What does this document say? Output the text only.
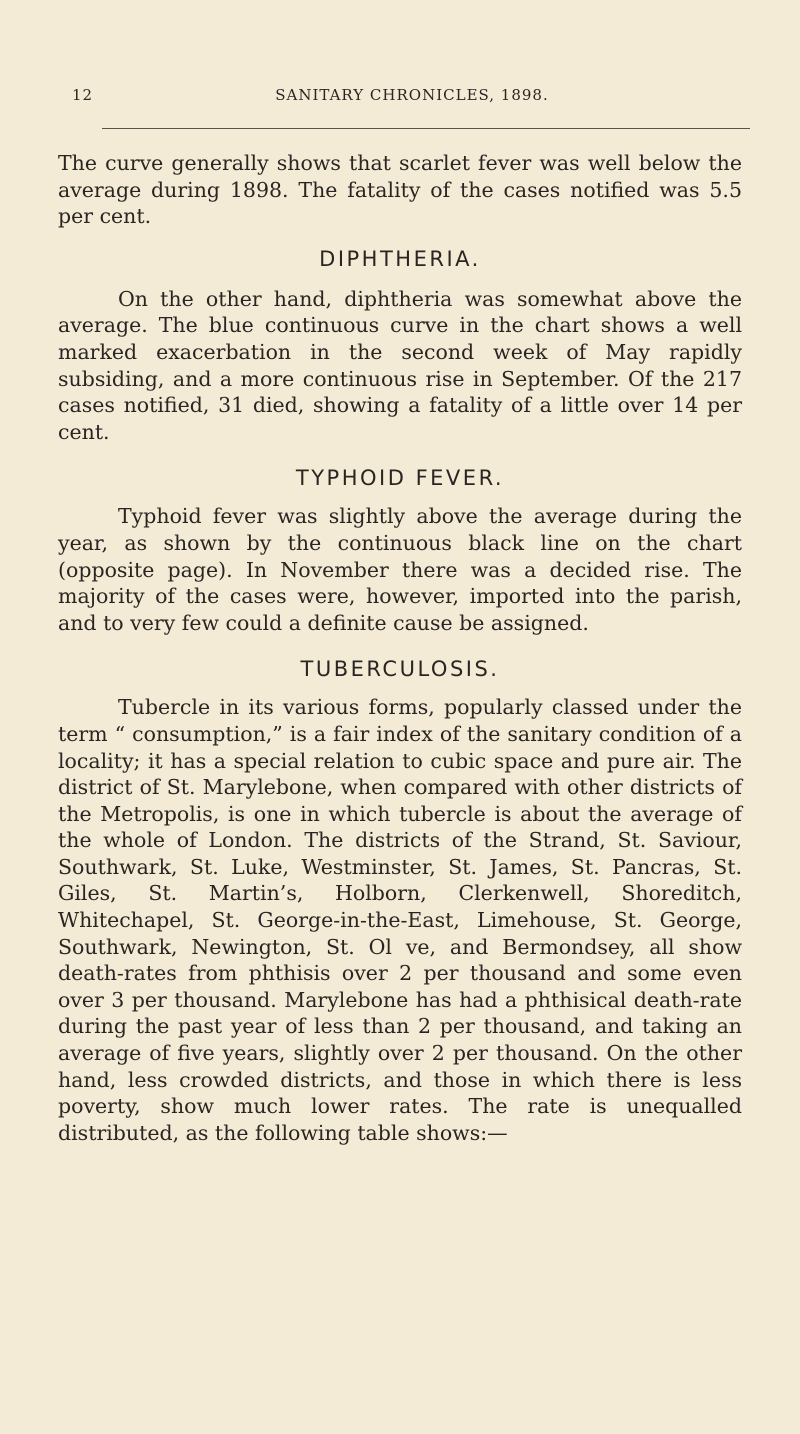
12	SANITARY CHRONICLES, 1898.

The curve generally shows that scarlet fever was well below the average during 1898. The fatality of the cases notified was 5.5 per cent.

DIPHTHERIA.

On the other hand, diphtheria was somewhat above the average. The blue continuous curve in the chart shows a well marked exacerbation in the second week of May rapidly subsiding, and a more continuous rise in September. Of the 217 cases notified, 31 died, showing a fatality of a little over 14 per cent.

TYPHOID FEVER.

Typhoid fever was slightly above the average during the year, as shown by the continuous black line on the chart (opposite page). In November there was a decided rise. The majority of the cases were, however, imported into the parish, and to very few could a definite cause be assigned.

TUBERCULOSIS.

Tubercle in its various forms, popularly classed under the term “ consumption,” is a fair index of the sanitary condition of a locality; it has a special relation to cubic space and pure air. The district of St. Marylebone, when compared with other districts of the Metropolis, is one in which tubercle is about the average of the whole of London. The districts of the Strand, St. Saviour, Southwark, St. Luke, Westminster, St. James, St. Pancras, St. Giles, St. Martin’s, Holborn, Clerkenwell, Shoreditch, Whitechapel, St. George-in-the-East, Limehouse, St. George, Southwark, Newington, St. Ol ve, and Bermondsey, all show death-rates from phthisis over 2 per thousand and some even over 3 per thousand. Marylebone has had a phthisical death-rate during the past year of less than 2 per thousand, and taking an average of five years, slightly over 2 per thousand. On the other hand, less crowded districts, and those in which there is less poverty, show much lower rates. The rate is unequalled distributed, as the following table shows:—
